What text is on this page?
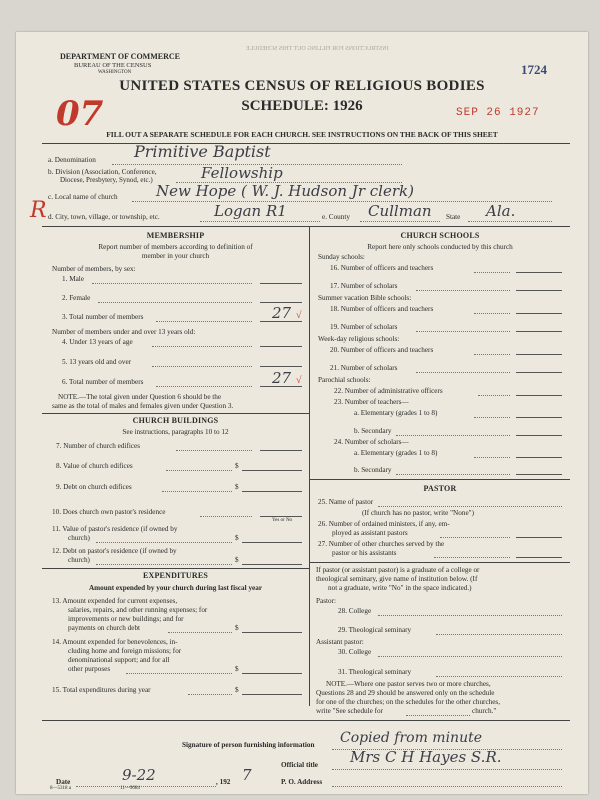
DEPARTMENT OF COMMERCE
BUREAU OF THE CENSUS
WASHINGTON
INSTRUCTIONS FOR FILLING OUT THIS SCHEDULE
1724
UNITED STATES CENSUS OF RELIGIOUS BODIES
SCHEDULE: 1926
07	SEP 26 1927
FILL OUT A SEPARATE SCHEDULE FOR EACH CHURCH. SEE INSTRUCTIONS ON THE BACK OF THIS SHEET
a. Denomination Primitive Baptist
b. Division (Association, Conference,
Diocese, Presbytery, Synod, etc.)	Fellowship
c. Local name of church	New Hope ( W. J. Hudson Jr clerk)
d. City, town, village, or township, etc.	Logan R1	e. County Cullman State Ala.
R
MEMBERSHIP
Report number of members according to definition of
member in your church
Number of members, by sex:
1. Male
2. Female
3. Total number of members	27 √
Number of members under and over 13 years old:
4. Under 13 years of age
5. 13 years old and over
6. Total number of members	27 √
NOTE.—The total given under Question 6 should be the
same as the total of males and females given under Question 3.
CHURCH BUILDINGS
See instructions, paragraphs 10 to 12
7. Number of church edifices
8. Value of church edifices	$
9. Debt on church edifices	$
10. Does church own pastor's residence
Yes or No
11. Value of pastor's residence (if owned by
church)	$
12. Debt on pastor's residence (if owned by
church)	$
EXPENDITURES
Amount expended by your church during last fiscal year
13. Amount expended for current expenses,
salaries, repairs, and other running expenses; for
improvements or new buildings; and for
payments on church debt	$
14. Amount expended for benevolences, in-
cluding home and foreign missions; for
denominational support; and for all
other purposes	$
15. Total expenditures during year	$
CHURCH SCHOOLS
Report here only schools conducted by this church
Sunday schools:
16. Number of officers and teachers
17. Number of scholars
Summer vacation Bible schools:
18. Number of officers and teachers
19. Number of scholars
Week-day religious schools:
20. Number of officers and teachers
21. Number of scholars
Parochial schools:
22. Number of administrative officers
23. Number of teachers—
a. Elementary (grades 1 to 8)
b. Secondary
24. Number of scholars—
a. Elementary (grades 1 to 8)
b. Secondary
PASTOR
25. Name of pastor
(If church has no pastor, write "None")
26. Number of ordained ministers, if any, em-
ployed as assistant pastors
27. Number of other churches served by the
pastor or his assistants
If pastor (or assistant pastor) is a graduate of a college or
theological seminary, give name of institution below. (If
not a graduate, write "No" in the space indicated.)
Pastor:
28. College
29. Theological seminary
Assistant pastor:
30. College
31. Theological seminary
NOTE.—Where one pastor serves two or more churches,
Questions 28 and 29 should be answered only on the schedule
for one of the churches; on the schedules for the other churches,
write "See schedule for	church."
Signature of person furnishing information Copied from minute
Official title Mrs C H Hayes S.R.
Date	9-22	, 192 7	P. O. Address
8—5318 a	11—9084
